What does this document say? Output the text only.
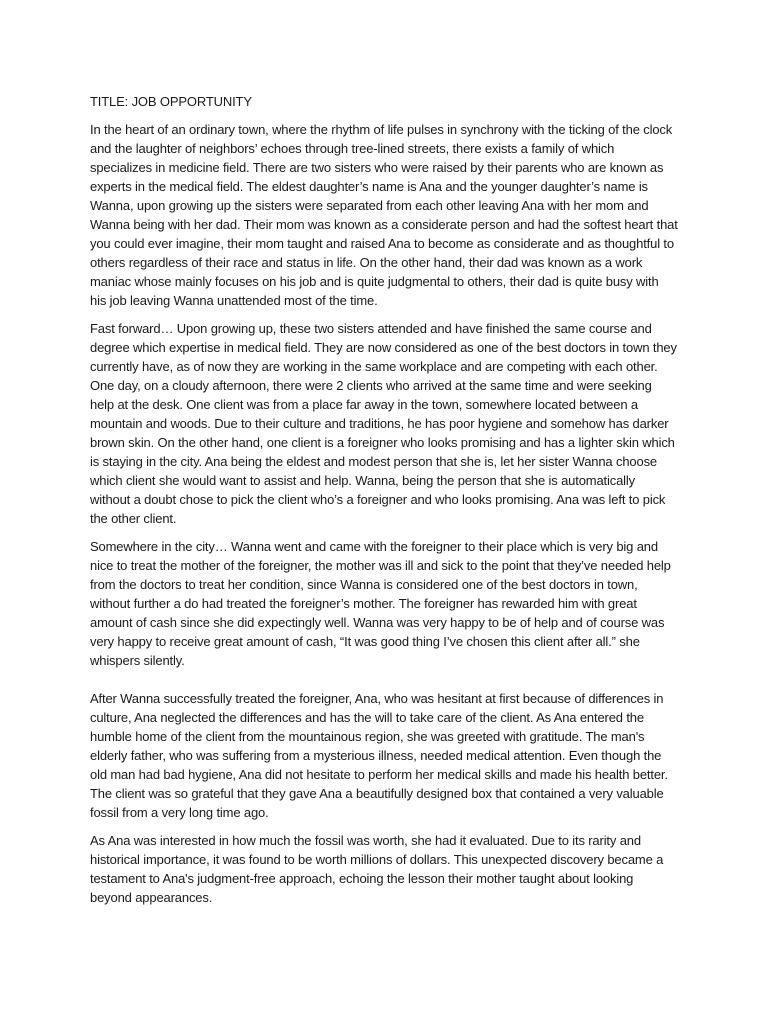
TITLE: JOB OPPORTUNITY

In the heart of an ordinary town, where the rhythm of life pulses in synchrony with the ticking of the clock and the laughter of neighbors’ echoes through tree-lined streets, there exists a family of which specializes in medicine field. There are two sisters who were raised by their parents who are known as experts in the medical field. The eldest daughter’s name is Ana and the younger daughter’s name is Wanna, upon growing up the sisters were separated from each other leaving Ana with her mom and Wanna being with her dad. Their mom was known as a considerate person and had the softest heart that you could ever imagine, their mom taught and raised Ana to become as considerate and as thoughtful to others regardless of their race and status in life. On the other hand, their dad was known as a work maniac whose mainly focuses on his job and is quite judgmental to others, their dad is quite busy with his job leaving Wanna unattended most of the time.

Fast forward… Upon growing up, these two sisters attended and have finished the same course and degree which expertise in medical field. They are now considered as one of the best doctors in town they currently have, as of now they are working in the same workplace and are competing with each other. One day, on a cloudy afternoon, there were 2 clients who arrived at the same time and were seeking help at the desk. One client was from a place far away in the town, somewhere located between a mountain and woods. Due to their culture and traditions, he has poor hygiene and somehow has darker brown skin. On the other hand, one client is a foreigner who looks promising and has a lighter skin which is staying in the city. Ana being the eldest and modest person that she is, let her sister Wanna choose which client she would want to assist and help. Wanna, being the person that she is automatically without a doubt chose to pick the client who’s a foreigner and who looks promising. Ana was left to pick the other client.

Somewhere in the city… Wanna went and came with the foreigner to their place which is very big and nice to treat the mother of the foreigner, the mother was ill and sick to the point that they’ve needed help from the doctors to treat her condition, since Wanna is considered one of the best doctors in town, without further a do had treated the foreigner’s mother. The foreigner has rewarded him with great amount of cash since she did expectingly well. Wanna was very happy to be of help and of course was very happy to receive great amount of cash, “It was good thing I’ve chosen this client after all.” she whispers silently.

After Wanna successfully treated the foreigner, Ana, who was hesitant at first because of differences in culture, Ana neglected the differences and has the will to take care of the client. As Ana entered the humble home of the client from the mountainous region, she was greeted with gratitude. The man's elderly father, who was suffering from a mysterious illness, needed medical attention. Even though the old man had bad hygiene, Ana did not hesitate to perform her medical skills and made his health better. The client was so grateful that they gave Ana a beautifully designed box that contained a very valuable fossil from a very long time ago.

As Ana was interested in how much the fossil was worth, she had it evaluated. Due to its rarity and historical importance, it was found to be worth millions of dollars. This unexpected discovery became a testament to Ana's judgment-free approach, echoing the lesson their mother taught about looking beyond appearances.
